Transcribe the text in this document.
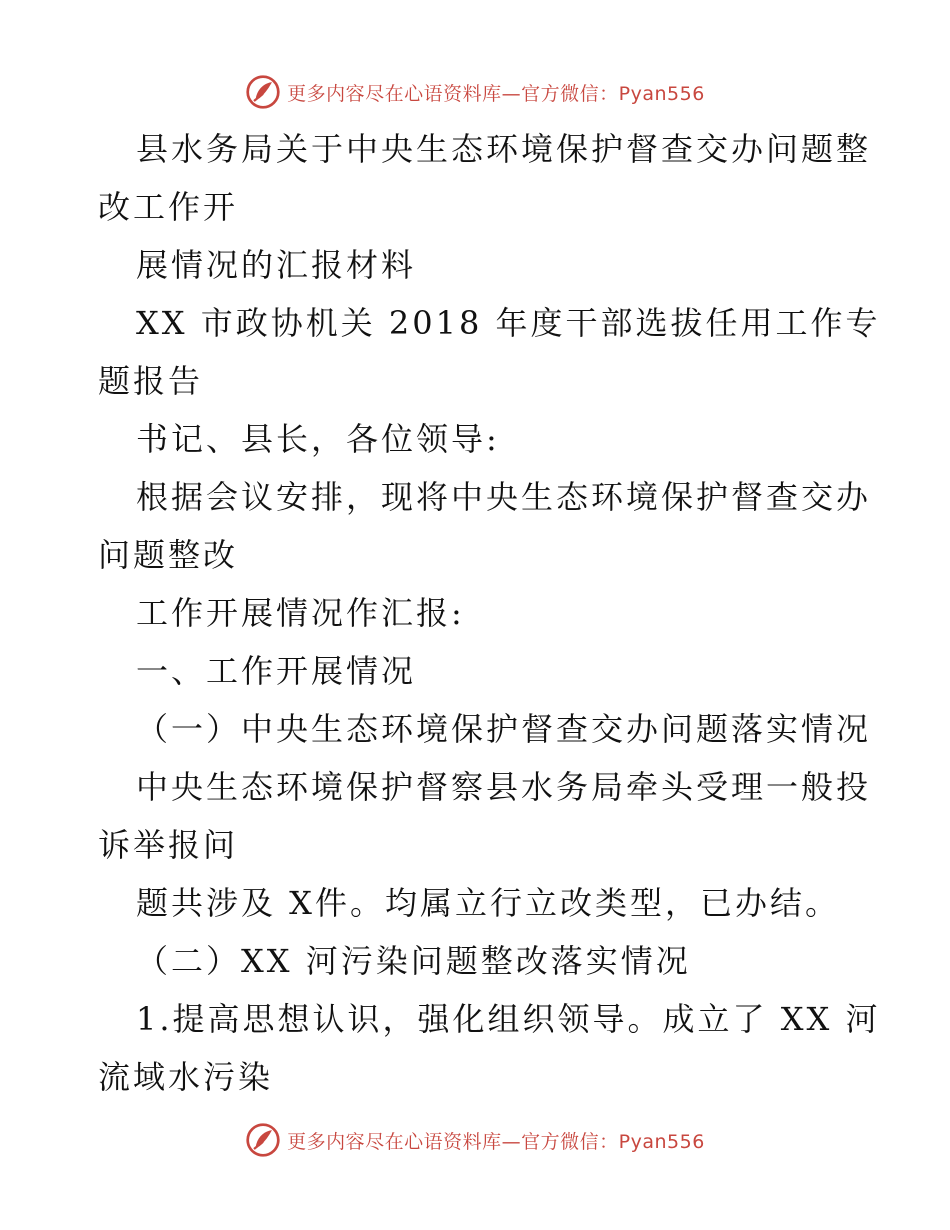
更多内容尽在心语资料库—官方微信：Pyan556
县水务局关于中央生态环境保护督查交办问题整
改工作开
展情况的汇报材料
XX 市政协机关 2018 年度干部选拔任用工作专
题报告
书记、县长，各位领导:
根据会议安排，现将中央生态环境保护督查交办
问题整改
工作开展情况作汇报:
一、工作开展情况
（一）中央生态环境保护督查交办问题落实情况
中央生态环境保护督察县水务局牵头受理一般投
诉举报问
题共涉及 X件。均属立行立改类型，已办结。
（二）XX 河污染问题整改落实情况
1.提高思想认识，强化组织领导。成立了 XX 河
流域水污染
更多内容尽在心语资料库—官方微信：Pyan556
